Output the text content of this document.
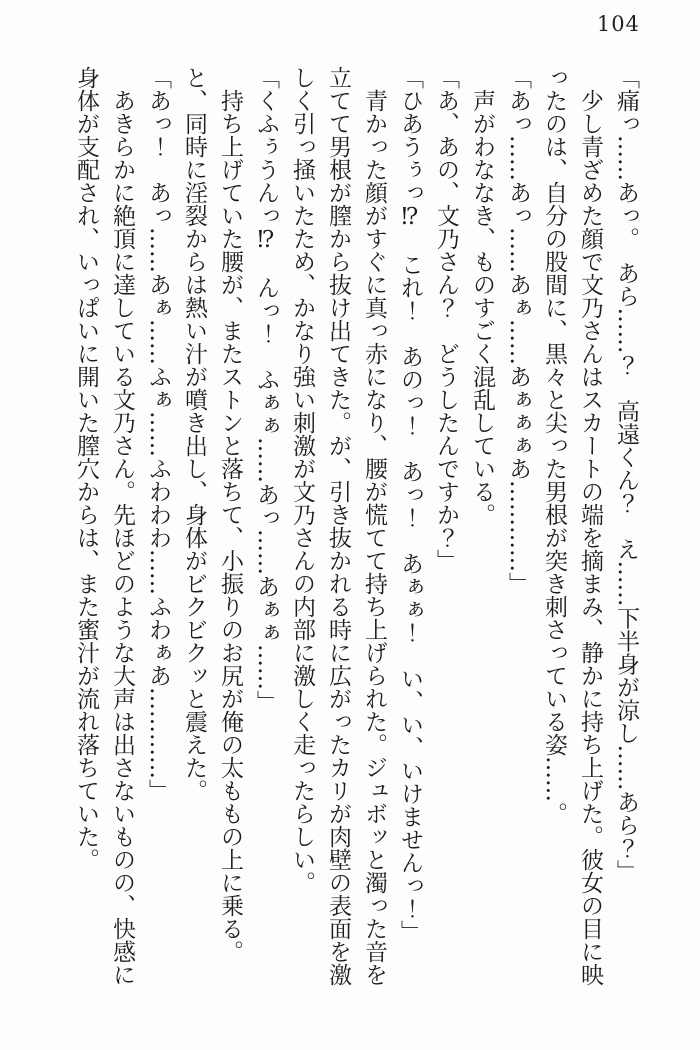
104

「痛っ……あっ。　あら……？　高遠くん？　え……下半身が涼し……あら？」

　少し青ざめた顔で文乃さんはスカートの端を摘まみ、静かに持ち上げた。彼女の目に映ったのは、自分の股間に、黒々と尖った男根が突き刺さっている姿……。

「あっ……あっ……あぁ……あぁぁぁあ…………」

　声がわななき、ものすごく混乱している。

「あ、あの、文乃さん？　どうしたんですか？」

「ひあうぅっ⁉　これ！　あのっ！　あっ！　あぁぁ！　い、い、いけませんっ！」

　青かった顔がすぐに真っ赤になり、腰が慌てて持ち上げられた。ジュボッと濁った音を立てて男根が膣から抜け出てきた。が、引き抜かれる時に広がったカリが肉壁の表面を激しく引っ掻いたため、かなり強い刺激が文乃さんの内部に激しく走ったらしい。

「くふぅうんっ⁉　んっ！　ふぁぁ……あっ……あぁぁ……」

　持ち上げていた腰が、またストンと落ちて、小振りのお尻が俺の太ももの上に乗る。と、同時に淫裂からは熱い汁が噴き出し、身体がビクビクッと震えた。

「あっ！　あっ……あぁ……ふぁ……ふわわわ……ふわぁあ…………」

　あきらかに絶頂に達している文乃さん。先ほどのような大声は出さないものの、快感に身体が支配され、いっぱいに開いた膣穴からは、また蜜汁が流れ落ちていた。
